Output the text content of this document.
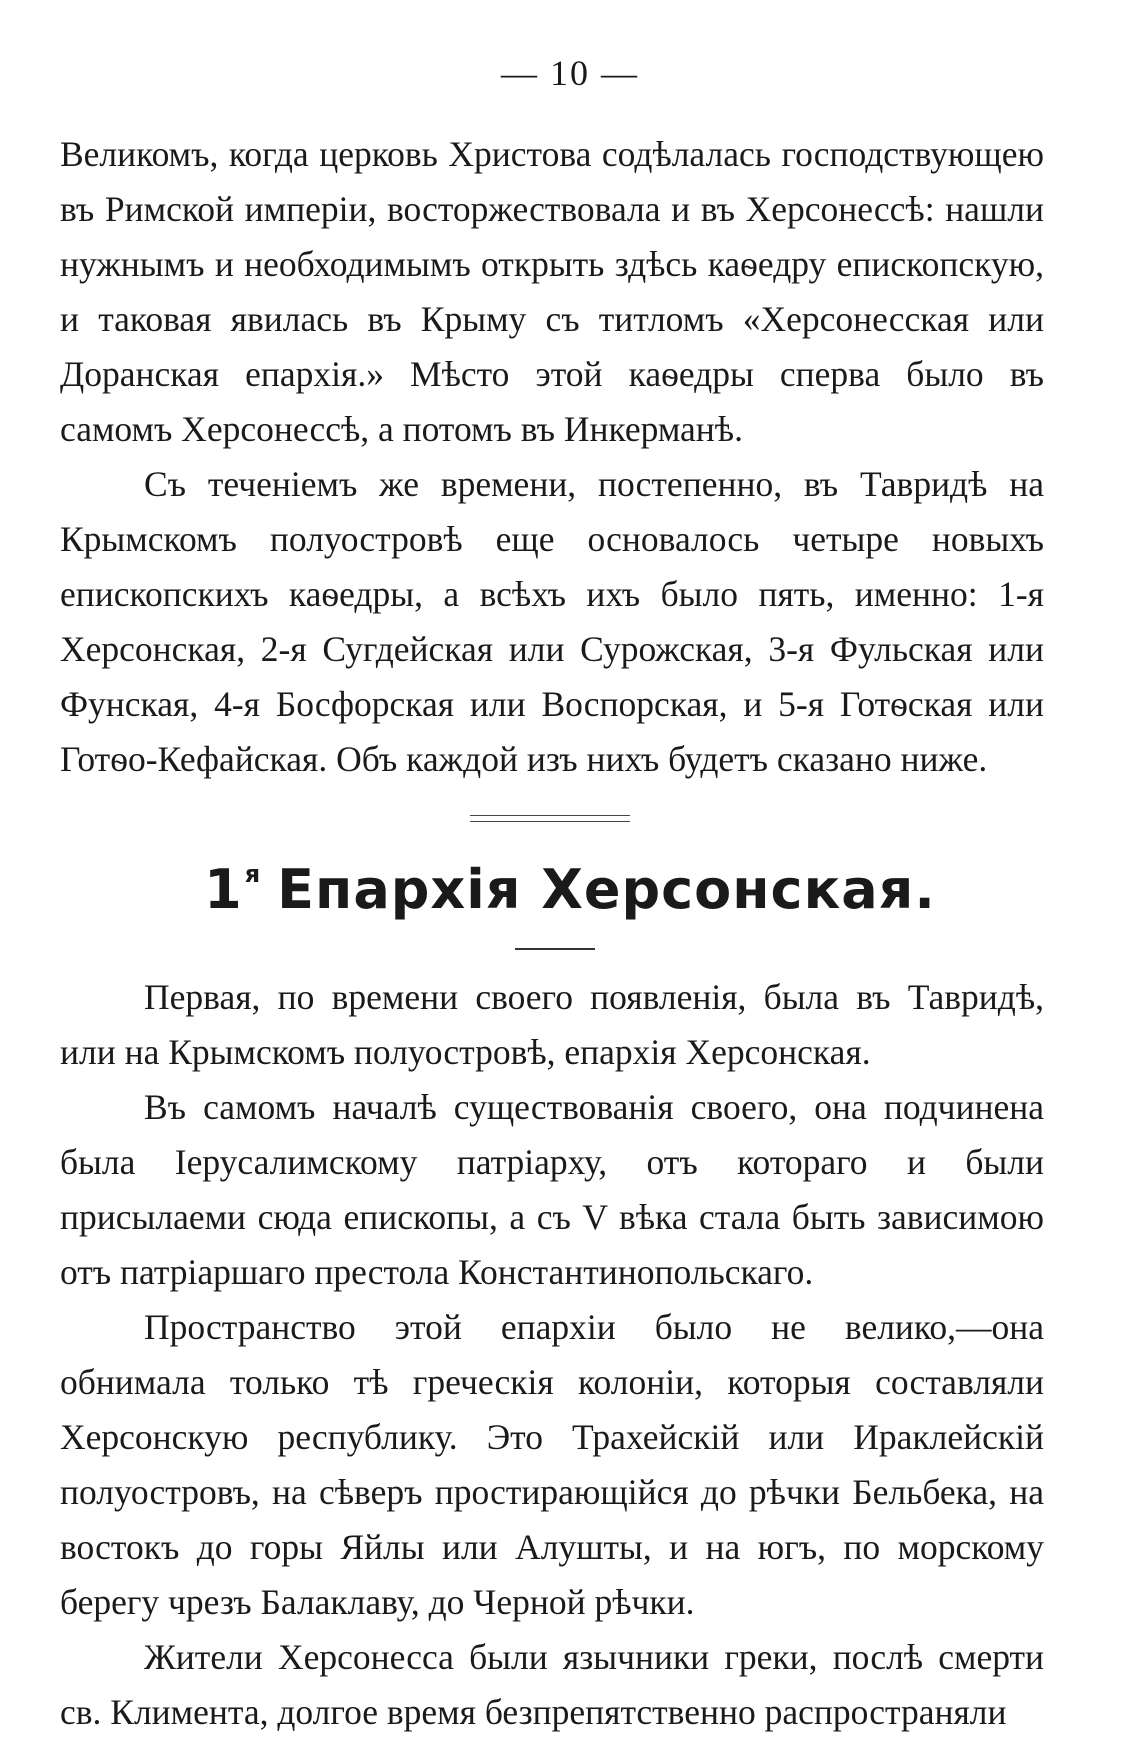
— 10 —

Великомъ, когда церковь Христова содѣлалась господствующею въ Римской имперіи, восторжествовала и въ Херсонессѣ: нашли нужнымъ и необходимымъ открыть здѣсь каѳедру епископскую, и таковая явилась въ Крыму съ титломъ «Херсонесская или Доранская епархія.» Мѣсто этой каѳедры сперва было въ самомъ Херсонессѣ, а потомъ въ Инкерманѣ.

Съ теченіемъ же времени, постепенно, въ Тавридѣ на Крымскомъ полуостровѣ еще основалось четыре новыхъ епископскихъ каѳедры, а всѣхъ ихъ было пять, именно: 1-я Херсонская, 2-я Сугдейская или Сурожская, 3-я Фульская или Фунская, 4-я Босфорская или Воспорская, и 5-я Готѳская или Готѳо-Кефайская. Объ каждой изъ нихъ будетъ сказано ниже.

$1^я$ Епархія Херсонская.

Первая, по времени своего появленія, была въ Тавридѣ, или на Крымскомъ полуостровѣ, епархія Херсонская.

Въ самомъ началѣ существованія своего, она подчинена была Іерусалимскому патріарху, отъ котораго и были присылаеми сюда епископы, а съ V вѣка стала быть зависимою отъ патріаршаго престола Константинопольскаго.

Пространство этой епархіи было не велико,—она обнимала только тѣ греческія колоніи, которыя составляли Херсонскую республику. Это Трахейскій или Ираклейскій полуостровъ, на сѣверъ простирающійся до рѣчки Бельбека, на востокъ до горы Яйлы или Алушты, и на югъ, по морскому берегу чрезъ Балаклаву, до Черной рѣчки.

Жители Херсонесса были язычники греки, послѣ смерти св. Климента, долгое время безпрепятственно распространяли
